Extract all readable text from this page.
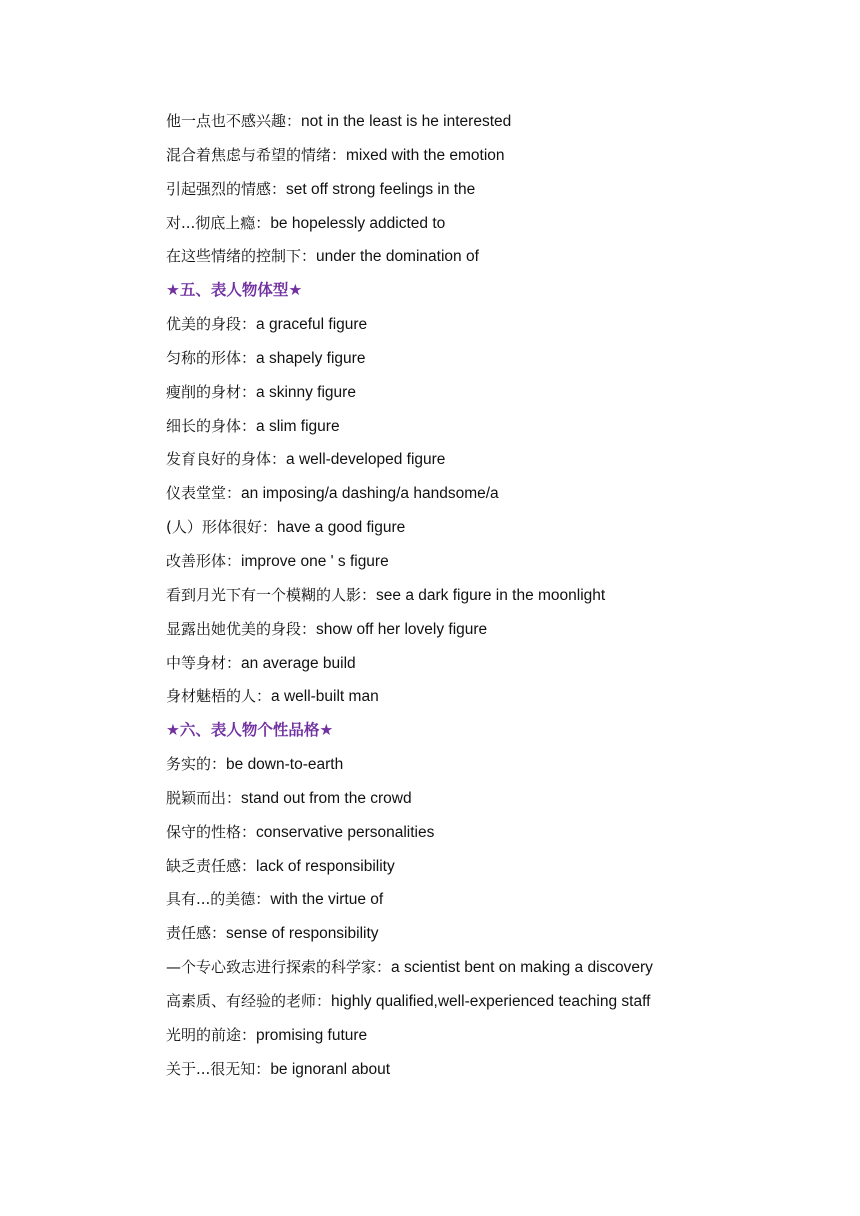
他一点也不感兴趣：not in the least is he interested
混合着焦虑与希望的情绪：mixed with the emotion
引起强烈的情感：set off strong feelings in the
对...彻底上瘾：be hopelessly addicted to
在这些情绪的控制下：under the domination of
★五、表人物体型★
优美的身段：a graceful figure
匀称的形体：a shapely figure
瘦削的身材：a skinny figure
细长的身体：a slim figure
发育良好的身体：a well-developed figure
仪表堂堂：an imposing/a dashing/a handsome/a
(人）形体很好：have a good figure
改善形体：improve one ' s figure
看到月光下有一个模糊的人影：see a dark figure in the moonlight
显露出她优美的身段：show off her lovely figure
中等身材：an average build
身材魅梧的人：a well-built man
★六、表人物个性品格★
务实的：be down-to-earth
脱颖而出：stand out from the crowd
保守的性格：conservative personalities
缺乏责任感：lack of responsibility
具有...的美德：with the virtue of
责任感：sense of responsibility
—个专心致志进行探索的科学家：a scientist bent on making a discovery
高素质、有经验的老师：highly qualified,well-experienced teaching staff
光明的前途：promising future
关于...很无知：be ignoranl about
